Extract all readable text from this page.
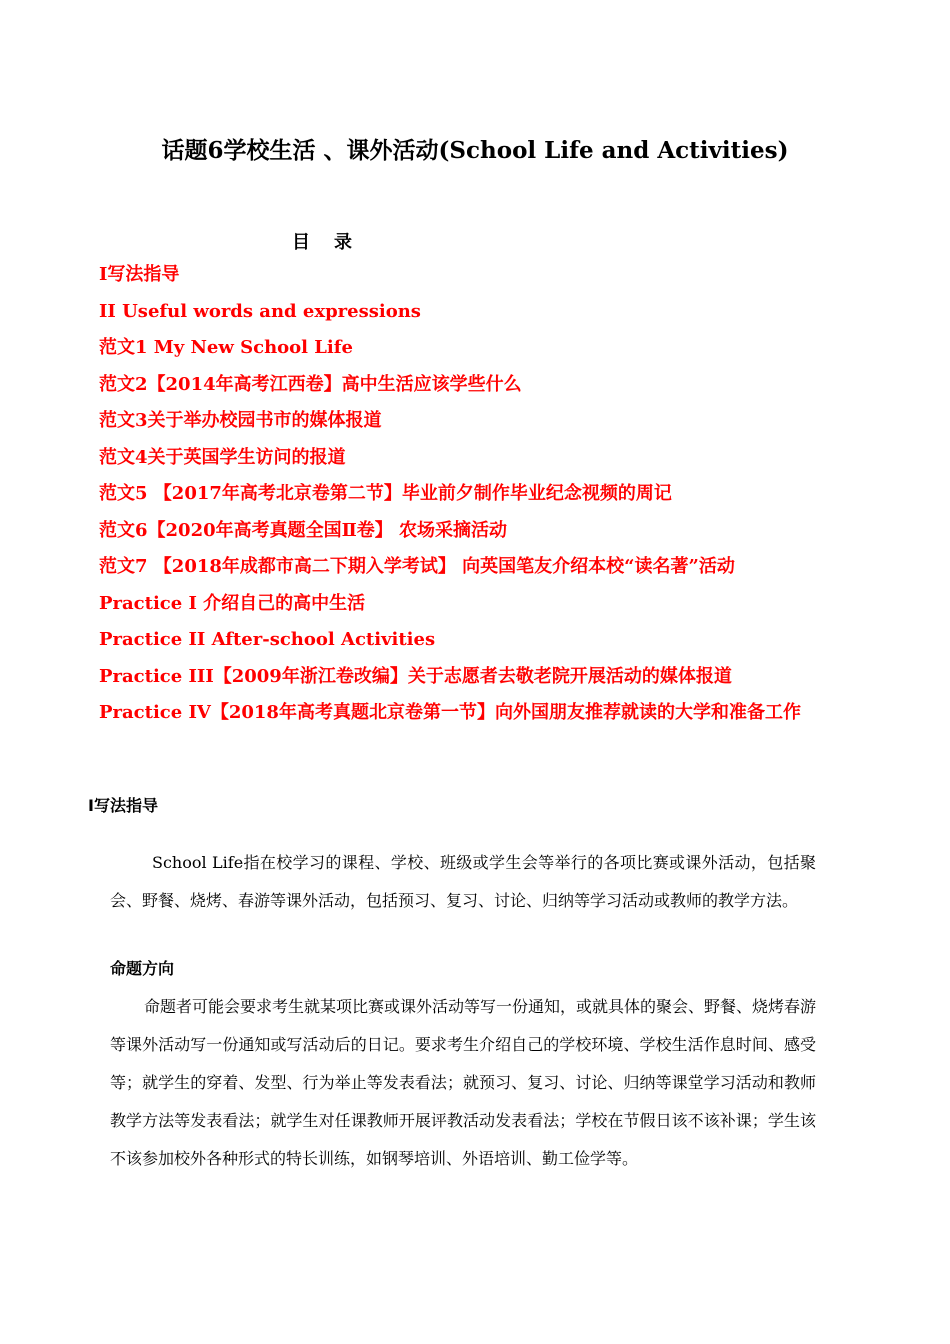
话题6学校生活 、课外活动(School Life and Activities)
目录
I写法指导
II Useful words and expressions
范文1 My New School Life
范文2【2014年高考江西卷】高中生活应该学些什么
范文3关于举办校园书市的媒体报道
范文4关于英国学生访问的报道
范文5 【2017年高考北京卷第二节】毕业前夕制作毕业纪念视频的周记
范文6【2020年高考真题全国Ⅱ卷】 农场采摘活动
范文7 【2018年成都市高二下期入学考试】 向英国笔友介绍本校“读名著”活动
Practice I 介绍自己的高中生活
Practice II After-school Activities
Practice III【2009年浙江卷改编】关于志愿者去敬老院开展活动的媒体报道
Practice IV【2018年高考真题北京卷第一节】向外国朋友推荐就读的大学和准备工作
I写法指导

School Life指在校学习的课程、学校、班级或学生会等举行的各项比赛或课外活动，包括聚会、野餐、烧烤、春游等课外活动，包括预习、复习、讨论、归纳等学习活动或教师的教学方法。

命题方向

命题者可能会要求考生就某项比赛或课外活动等写一份通知，或就具体的聚会、野餐、烧烤春游等课外活动写一份通知或写活动后的日记。要求考生介绍自己的学校环境、学校生活作息时间、感受等；就学生的穿着、发型、行为举止等发表看法；就预习、复习、讨论、归纳等课堂学习活动和教师教学方法等发表看法；就学生对任课教师开展评教活动发表看法；学校在节假日该不该补课；学生该不该参加校外各种形式的特长训练，如钢琴培训、外语培训、勤工俭学等。
